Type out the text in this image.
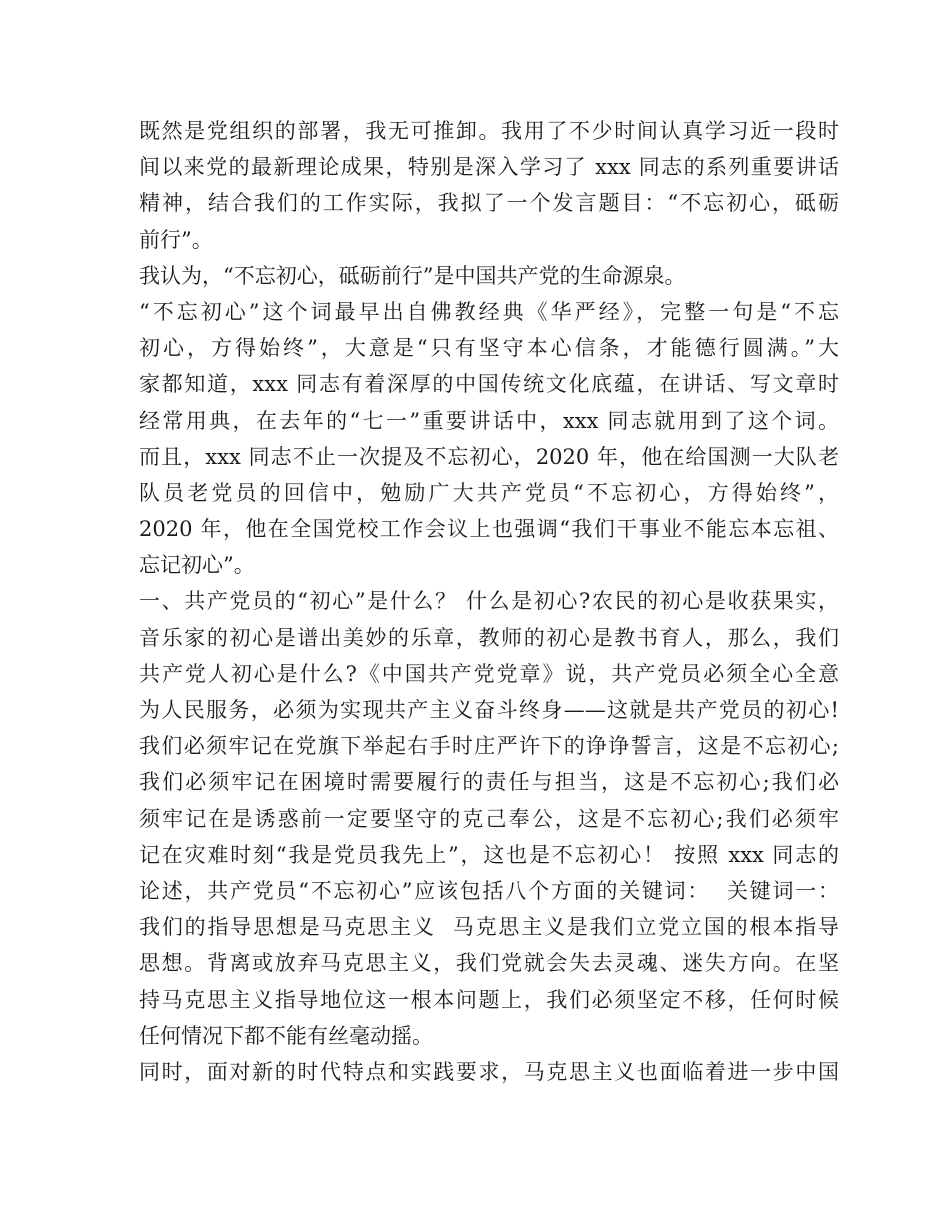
既然是党组织的部署，我无可推卸。我用了不少时间认真学习近一段时
间以来党的最新理论成果，特别是深入学习了 xxx 同志的系列重要讲话
精神，结合我们的工作实际，我拟了一个发言题目：“不忘初心，砥砺
前行”。
我认为，“不忘初心，砥砺前行”是中国共产党的生命源泉。
“不忘初心”这个词最早出自佛教经典《华严经》，完整一句是“不忘
初心，方得始终”，大意是“只有坚守本心信条，才能德行圆满。”大
家都知道，xxx 同志有着深厚的中国传统文化底蕴，在讲话、写文章时
经常用典，在去年的“七一”重要讲话中，xxx 同志就用到了这个词。
而且，xxx 同志不止一次提及不忘初心，2020 年，他在给国测一大队老
队员老党员的回信中，勉励广大共产党员“不忘初心，方得始终”，
2020 年，他在全国党校工作会议上也强调“我们干事业不能忘本忘祖、
忘记初心”。
一、共产党员的“初心”是什么？ 什么是初心?农民的初心是收获果实，
音乐家的初心是谱出美妙的乐章，教师的初心是教书育人，那么，我们
共产党人初心是什么?《中国共产党党章》说，共产党员必须全心全意
为人民服务，必须为实现共产主义奋斗终身——这就是共产党员的初心!
我们必须牢记在党旗下举起右手时庄严许下的诤诤誓言，这是不忘初心;
我们必须牢记在困境时需要履行的责任与担当，这是不忘初心;我们必
须牢记在是诱惑前一定要坚守的克己奉公，这是不忘初心;我们必须牢
记在灾难时刻“我是党员我先上”，这也是不忘初心！ 按照 xxx 同志的
论述，共产党员“不忘初心”应该包括八个方面的关键词：  关键词一：
我们的指导思想是马克思主义  马克思主义是我们立党立国的根本指导
思想。背离或放弃马克思主义，我们党就会失去灵魂、迷失方向。在坚
持马克思主义指导地位这一根本问题上，我们必须坚定不移，任何时候
任何情况下都不能有丝毫动摇。
同时，面对新的时代特点和实践要求，马克思主义也面临着进一步中国
